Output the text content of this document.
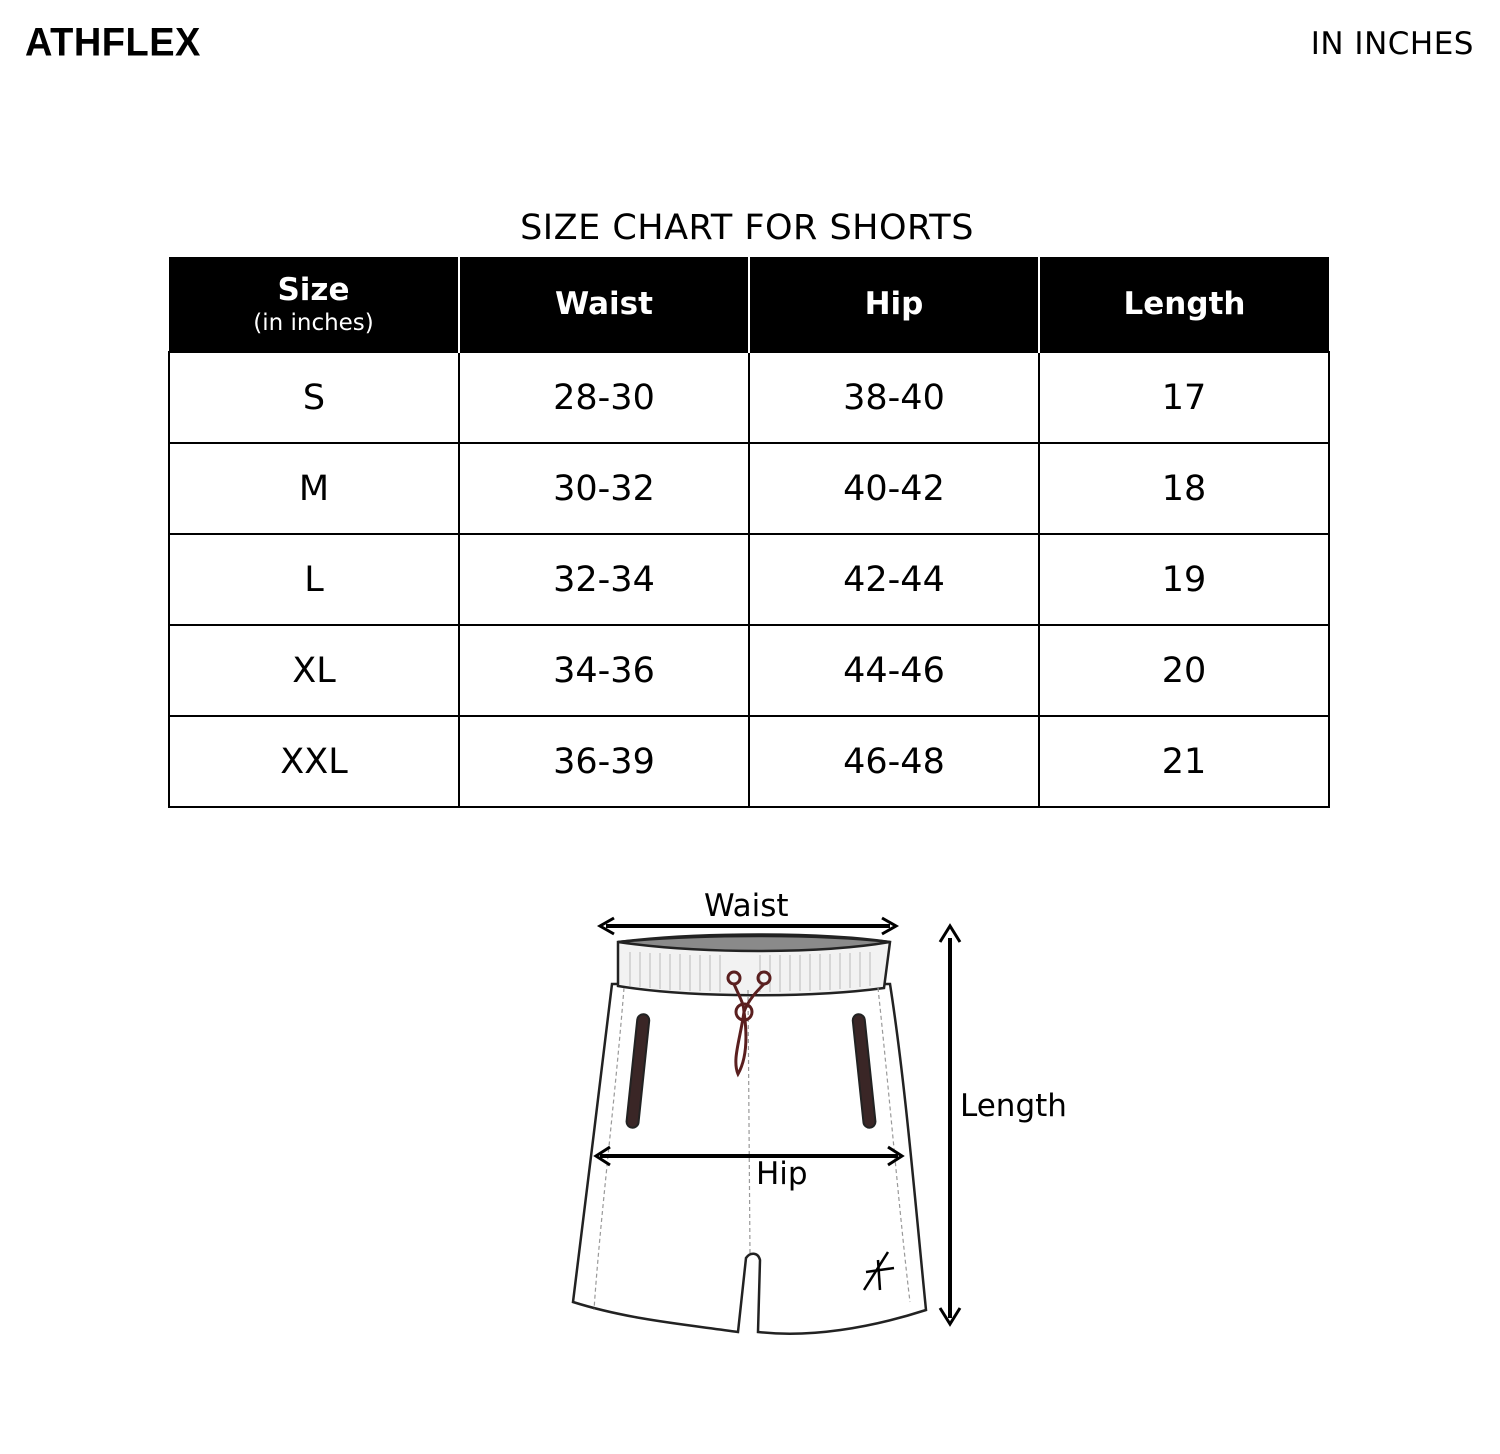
ATHFLEX	IN INCHES
SIZE CHART FOR SHORTS
Size
(in inches)	Waist	Hip	Length
S	28-30	38-40	17
M	30-32	40-42	18
L	32-34	42-44	19
XL	34-36	44-46	20
XXL	36-39	46-48	21
Waist
Hip
Length
